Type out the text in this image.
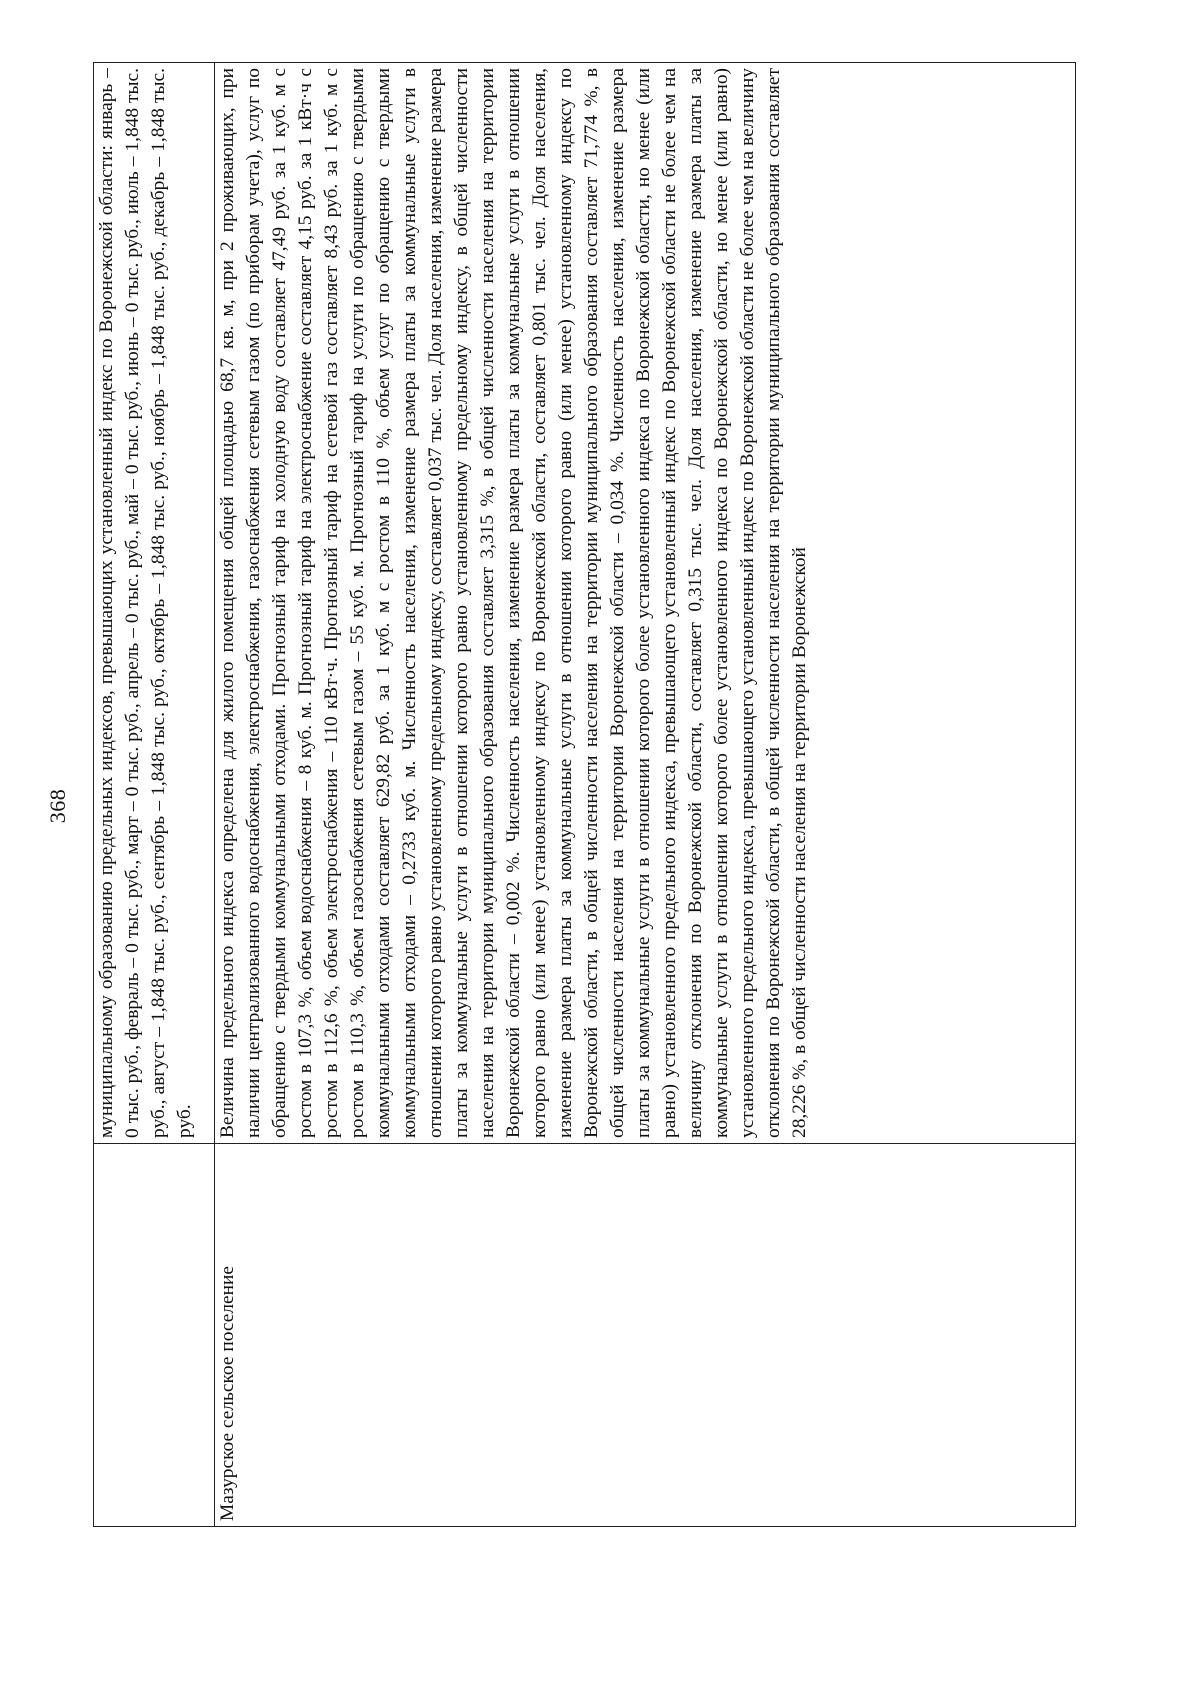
368
	муниципальному образованию предельных индексов, превышающих установленный индекс по Воронежской области: январь – 0 тыс. руб., февраль – 0 тыс. руб., март – 0 тыс. руб., апрель – 0 тыс. руб., май – 0 тыс. руб., июнь – 0 тыс. руб., июль – 1,848 тыс. руб., август – 1,848 тыс. руб., сентябрь – 1,848 тыс. руб., октябрь – 1,848 тыс. руб., ноябрь – 1,848 тыс. руб., декабрь – 1,848 тыс. руб.

Мазурское сельское поселение	Величина предельного индекса определена для жилого помещения общей площадью 68,7 кв. м, при 2 проживающих, при наличии централизованного водоснабжения, электроснабжения, газоснабжения сетевым газом (по приборам учета), услуг по обращению с твердыми коммунальными отходами. Прогнозный тариф на холодную воду составляет 47,49 руб. за 1 куб. м с ростом в 107,3 %, объем водоснабжения – 8 куб. м. Прогнозный тариф на электроснабжение составляет 4,15 руб. за 1 кВт·ч с ростом в 112,6 %, объем электроснабжения – 110 кВт·ч. Прогнозный тариф на сетевой газ составляет 8,43 руб. за 1 куб. м с ростом в 110,3 %, объем газоснабжения сетевым газом – 55 куб. м. Прогнозный тариф на услуги по обращению с твердыми коммунальными отходами составляет 629,82 руб. за 1 куб. м с ростом в 110 %, объем услуг по обращению с твердыми коммунальными отходами – 0,2733 куб. м. Численность населения, изменение размера платы за коммунальные услуги в отношении которого равно установленному предельному индексу, составляет 0,037 тыс. чел. Доля населения, изменение размера платы за коммунальные услуги в отношении которого равно установленному предельному индексу, в общей численности населения на территории муниципального образования составляет 3,315 %, в общей численности населения на территории Воронежской области – 0,002 %. Численность населения, изменение размера платы за коммунальные услуги в отношении которого равно (или менее) установленному индексу по Воронежской области, составляет 0,801 тыс. чел. Доля населения, изменение размера платы за коммунальные услуги в отношении которого равно (или менее) установленному индексу по Воронежской области, в общей численности населения на территории муниципального образования составляет 71,774 %, в общей численности населения на территории Воронежской области – 0,034 %. Численность населения, изменение размера платы за коммунальные услуги в отношении которого более установленного индекса по Воронежской области, но менее (или равно) установленного предельного индекса, превышающего установленный индекс по Воронежской области не более чем на величину отклонения по Воронежской области, составляет 0,315 тыс. чел. Доля населения, изменение размера платы за коммунальные услуги в отношении которого более установленного индекса по Воронежской области, но менее (или равно) установленного предельного индекса, превышающего установленный индекс по Воронежской области не более чем на величину отклонения по Воронежской области, в общей численности населения на территории муниципального образования составляет 28,226 %, в общей численности населения на территории Воронежской
